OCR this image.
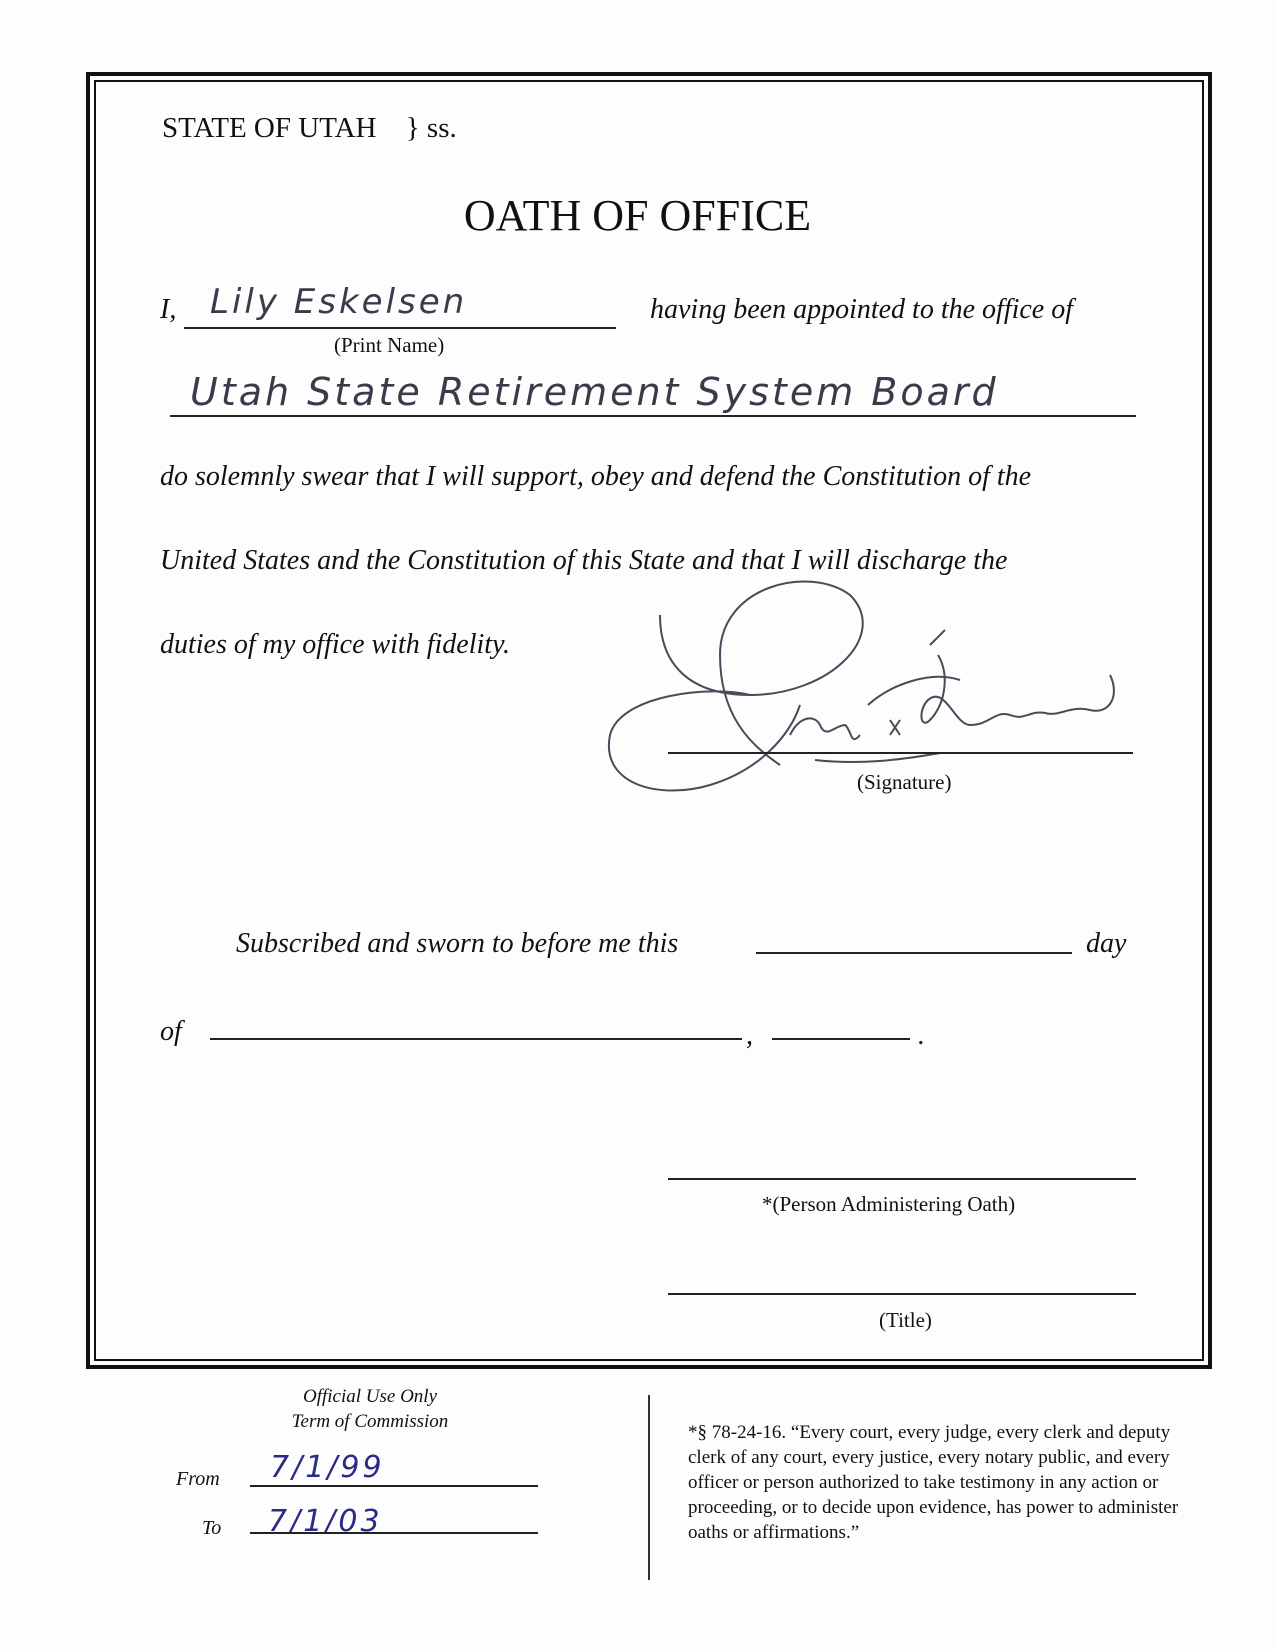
STATE OF UTAH } ss.
OATH OF OFFICE
I, Lily Eskelsen
(Print Name)
having been appointed to the office of
Utah State Retirement System Board
do solemnly swear that I will support, obey and defend the Constitution of the
United States and the Constitution of this State and that I will discharge the
duties of my office with fidelity.
(Signature)
Subscribed and sworn to before me this	day
of	,	.
*(Person Administering Oath)
(Title)
Official Use Only
Term of Commission
From 7/1/99
To 7/1/03
*§ 78-24-16. “Every court, every judge, every clerk and deputy clerk of any court, every justice, every notary public, and every officer or person authorized to take testimony in any action or proceeding, or to decide upon evidence, has power to administer oaths or affirmations.”
